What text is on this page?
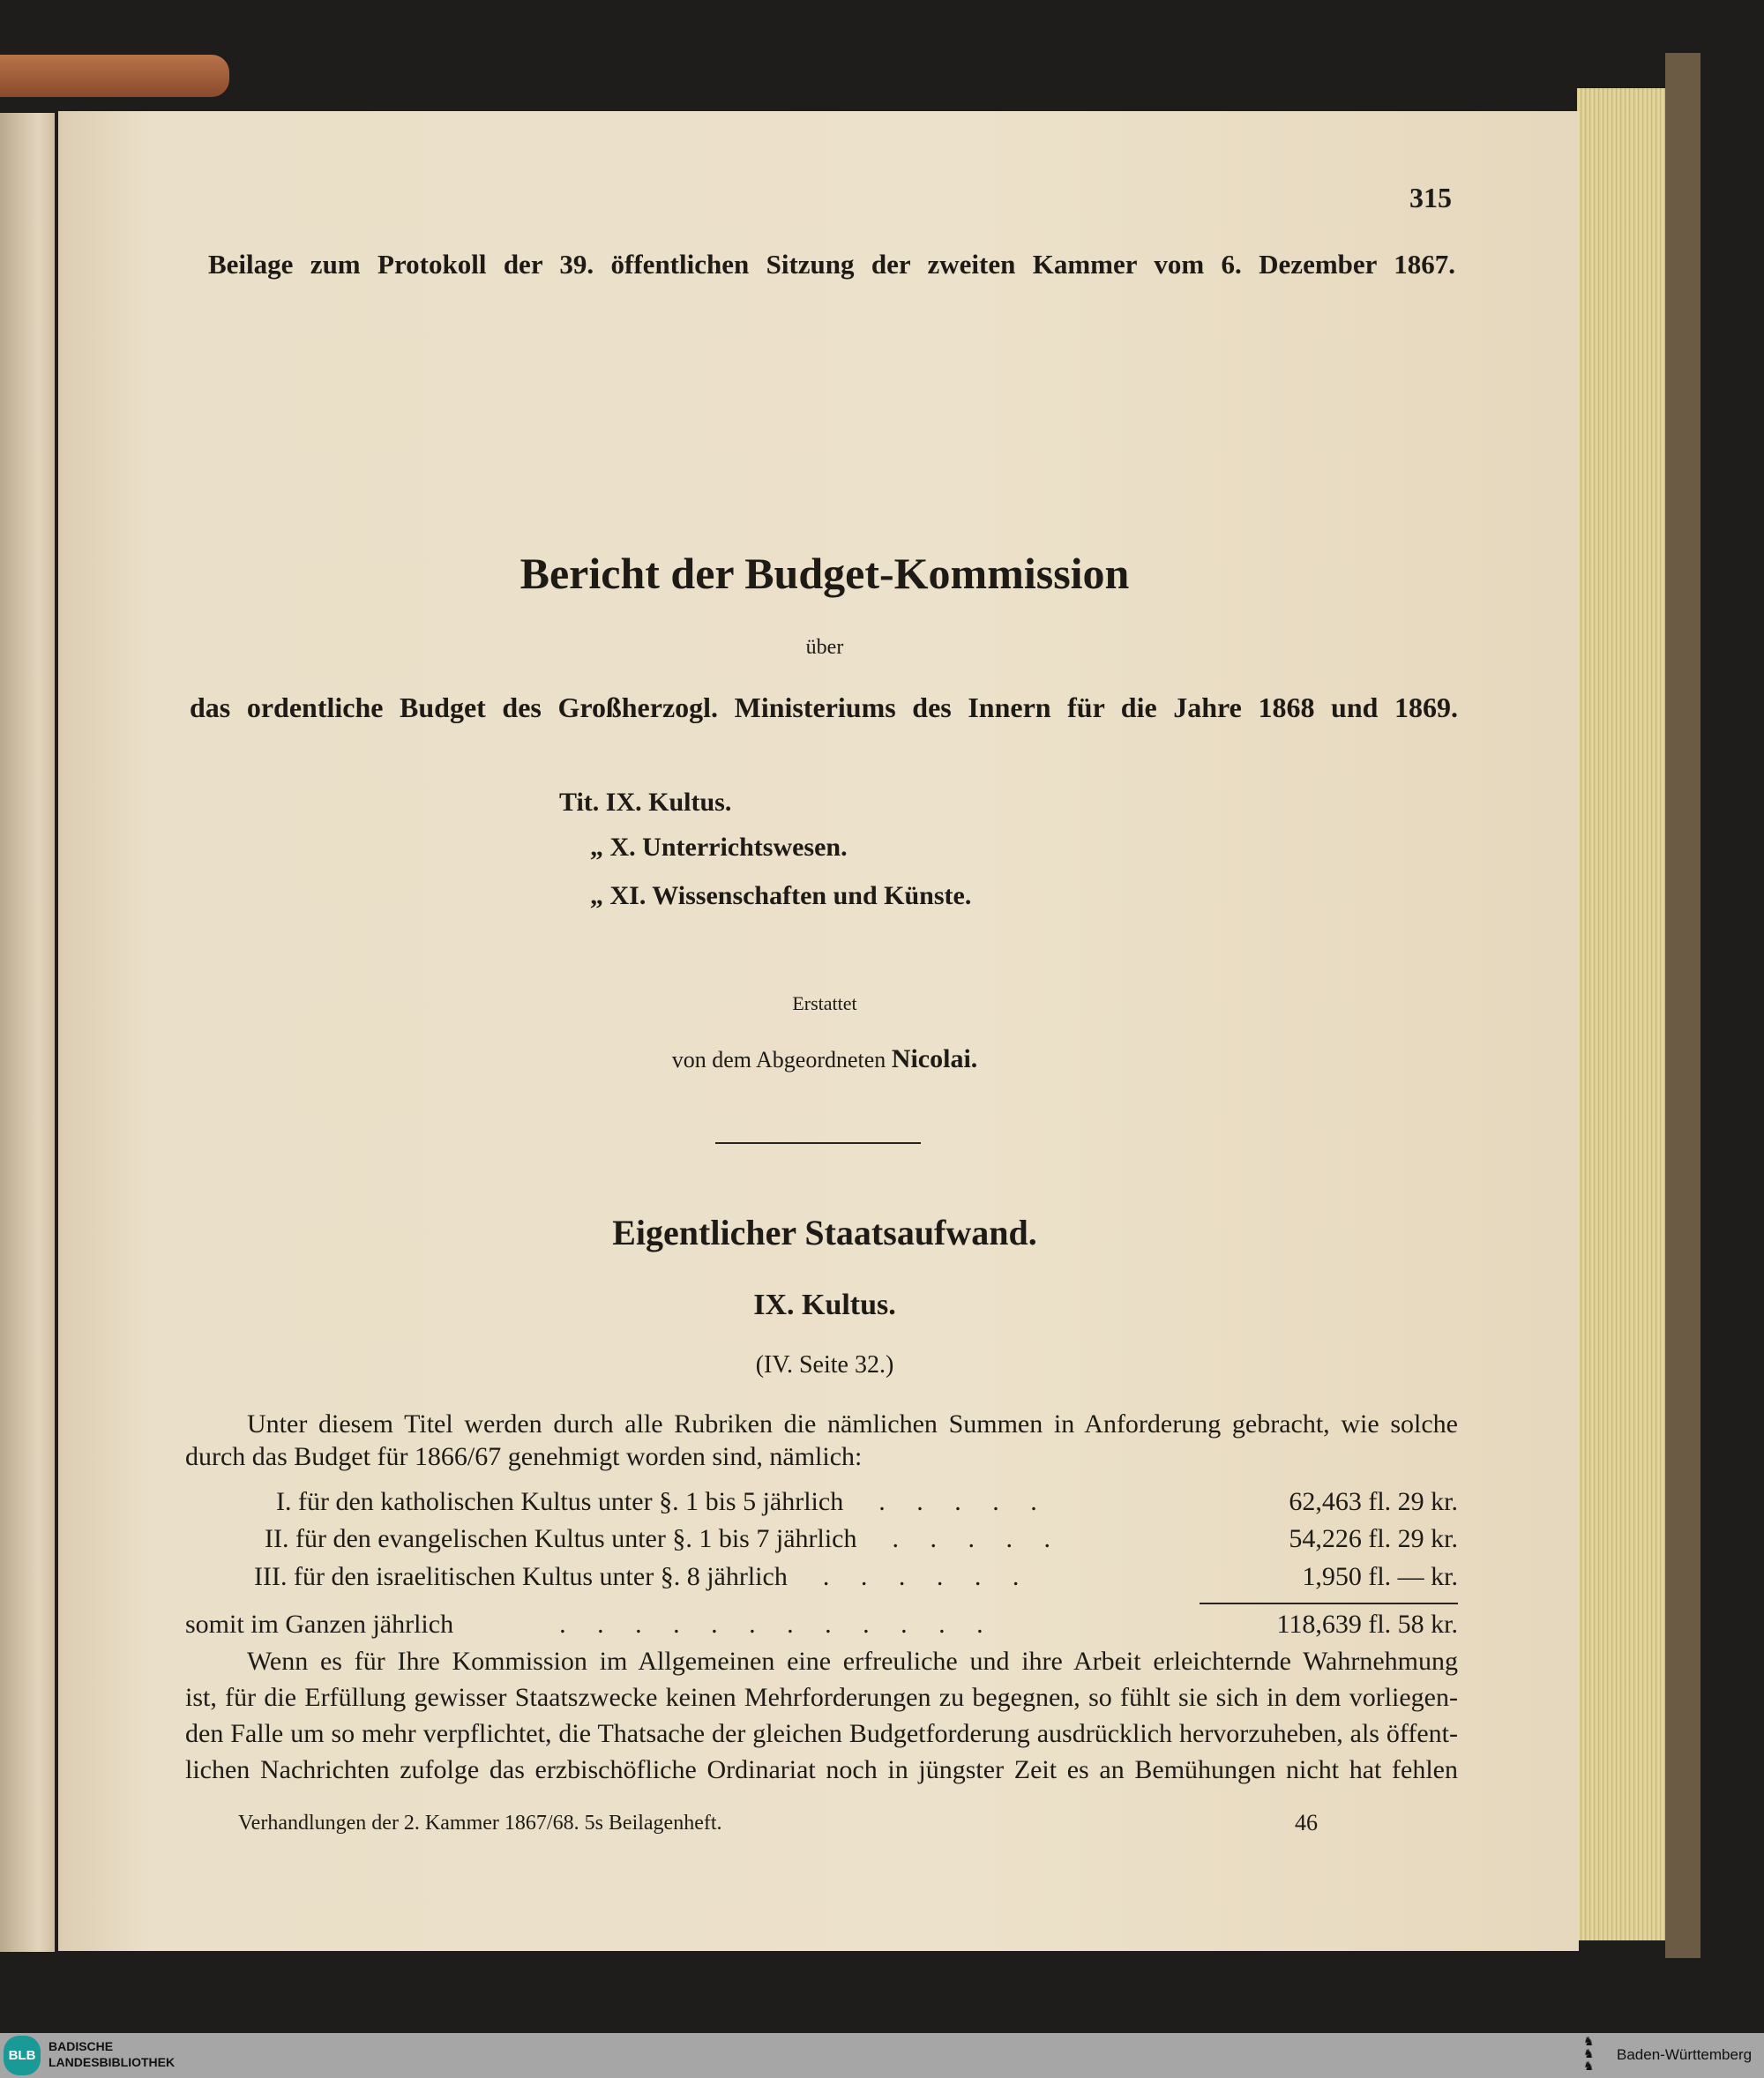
315
Beilage zum Protokoll der 39. öffentlichen Sitzung der zweiten Kammer vom 6. Dezember 1867.
Bericht der Budget-Kommission
über
das ordentliche Budget des Großherzogl. Ministeriums des Innern für die Jahre 1868 und 1869.
Tit. IX. Kultus.
„ X. Unterrichtswesen.
„ XI. Wissenschaften und Künste.
Erstattet
von dem Abgeordneten Nicolai.
Eigentlicher Staatsaufwand.
IX. Kultus.
(IV. Seite 32.)
Unter diesem Titel werden durch alle Rubriken die nämlichen Summen in Anforderung gebracht, wie solche
durch das Budget für 1866/67 genehmigt worden sind, nämlich:
I. für den katholischen Kultus unter §. 1 bis 5 jährlich . . . . .	62,463 fl. 29 kr.
II. für den evangelischen Kultus unter §. 1 bis 7 jährlich . . . . .	54,226 fl. 29 kr.
III. für den israelitischen Kultus unter §. 8 jährlich . . . . . .	1,950 fl. — kr.
somit im Ganzen jährlich	. . . . . . . . . . . .	118,639 fl. 58 kr.
Wenn es für Ihre Kommission im Allgemeinen eine erfreuliche und ihre Arbeit erleichternde Wahrnehmung
ist, für die Erfüllung gewisser Staatszwecke keinen Mehrforderungen zu begegnen, so fühlt sie sich in dem vorliegen-
den Falle um so mehr verpflichtet, die Thatsache der gleichen Budgetforderung ausdrücklich hervorzuheben, als öffent-
lichen Nachrichten zufolge das erzbischöfliche Ordinariat noch in jüngster Zeit es an Bemühungen nicht hat fehlen
Verhandlungen der 2. Kammer 1867/68. 5s Beilagenheft.	46
BLB
BADISCHE
LANDESBIBLIOTHEK
♞
♞
♞
Baden-Württemberg
